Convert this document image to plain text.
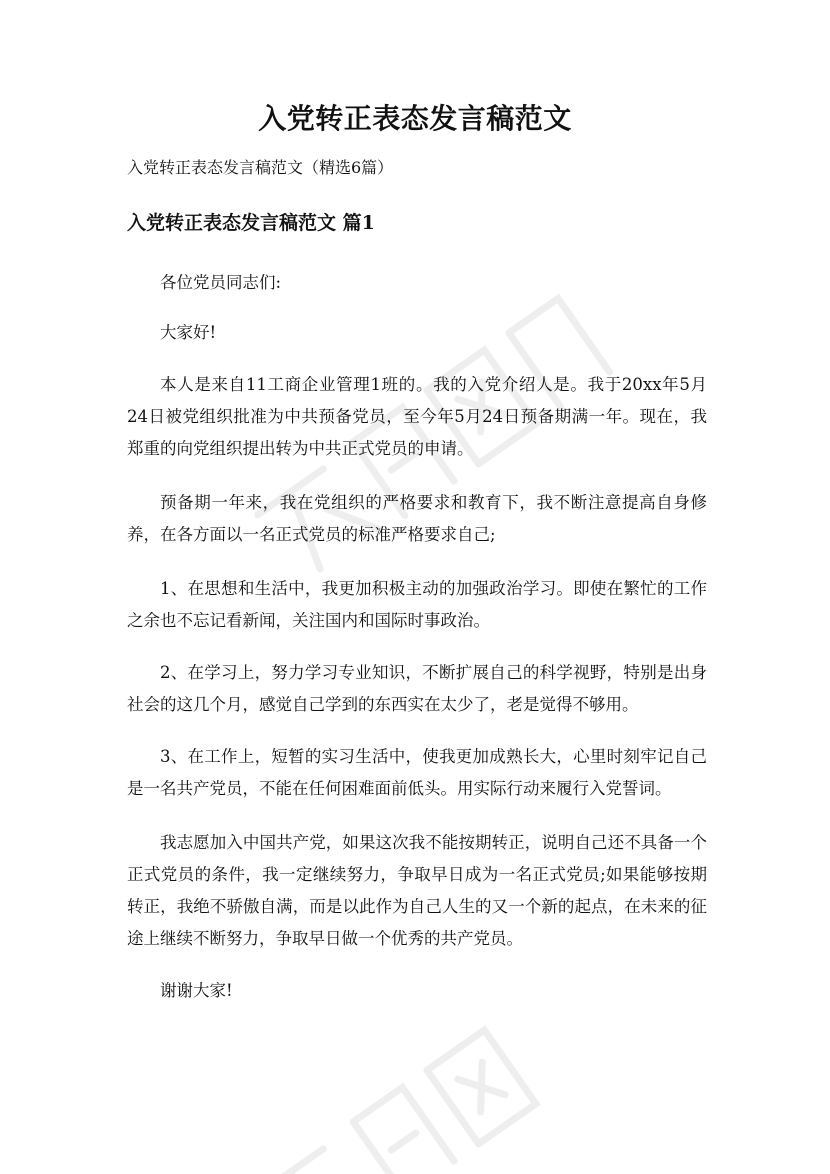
入党转正表态发言稿范文
入党转正表态发言稿范文（精选6篇）
入党转正表态发言稿范文 篇1

各位党员同志们:

大家好!

本人是来自11工商企业管理1班的。我的入党介绍人是。我于20xx年5月24日被党组织批准为中共预备党员，至今年5月24日预备期满一年。现在，我郑重的向党组织提出转为中共正式党员的申请。

预备期一年来，我在党组织的严格要求和教育下，我不断注意提高自身修养，在各方面以一名正式党员的标准严格要求自己;

1、在思想和生活中，我更加积极主动的加强政治学习。即使在繁忙的工作之余也不忘记看新闻，关注国内和国际时事政治。

2、在学习上，努力学习专业知识，不断扩展自己的科学视野，特别是出身社会的这几个月，感觉自己学到的东西实在太少了，老是觉得不够用。

3、在工作上，短暂的实习生活中，使我更加成熟长大，心里时刻牢记自己是一名共产党员，不能在任何困难面前低头。用实际行动来履行入党誓词。

我志愿加入中国共产党，如果这次我不能按期转正，说明自己还不具备一个正式党员的条件，我一定继续努力，争取早日成为一名正式党员;如果能够按期转正，我绝不骄傲自满，而是以此作为自己人生的又一个新的起点，在未来的征途上继续不断努力，争取早日做一个优秀的共产党员。

谢谢大家!
